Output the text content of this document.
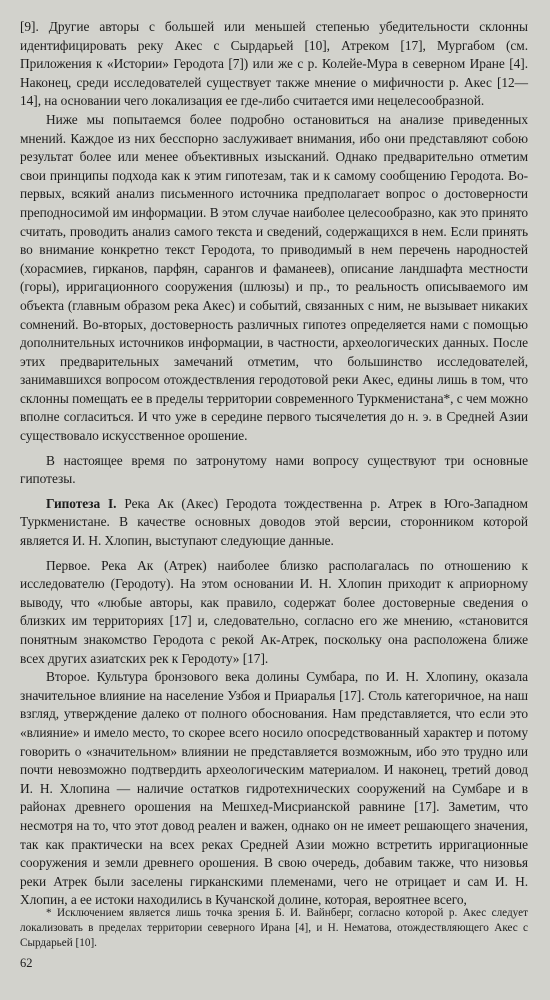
[9]. Другие авторы с большей или меньшей степенью убедительности склонны идентифицировать реку Акес с Сырдарьей [10], Атреком [17], Мургабом (см. Приложения к «Истории» Геродота [7]) или же с р. Колейе-Мура в северном Иране [4]. Наконец, среди исследователей существует также мнение о мифичности р. Акес [12—14], на основании чего локализация ее где-либо считается ими нецелесообразной.

Ниже мы попытаемся более подробно остановиться на анализе приведенных мнений. Каждое из них бесспорно заслуживает внимания, ибо они представляют собою результат более или менее объективных изысканий. Однако предварительно отметим свои принципы подхода как к этим гипотезам, так и к самому сообщению Геродота. Во-первых, всякий анализ письменного источника предполагает вопрос о достоверности преподносимой им информации. В этом случае наиболее целесообразно, как это принято считать, проводить анализ самого текста и сведений, содержащихся в нем. Если принять во внимание конкретно текст Геродота, то приводимый в нем перечень народностей (хорасмиев, гирканов, парфян, сарангов и фаманеев), описание ландшафта местности (горы), ирригационного сооружения (шлюзы) и пр., то реальность описываемого им объекта (главным образом река Акес) и событий, связанных с ним, не вызывает никаких сомнений. Во-вторых, достоверность различных гипотез определяется нами с помощью дополнительных источников информации, в частности, археологических данных. После этих предварительных замечаний отметим, что большинство исследователей, занимавшихся вопросом отождествления геродотовой реки Акес, едины лишь в том, что склонны помещать ее в пределы территории современного Туркменистана*, с чем можно вполне согласиться. И что уже в середине первого тысячелетия до н. э. в Средней Азии существовало искусственное орошение.

В настоящее время по затронутому нами вопросу существуют три основные гипотезы.

Гипотеза I. Река Ак (Акес) Геродота тождественна р. Атрек в Юго-Западном Туркменистане. В качестве основных доводов этой версии, сторонником которой является И. Н. Хлопин, выступают следующие данные.

Первое. Река Ак (Атрек) наиболее близко располагалась по отношению к исследователю (Геродоту). На этом основании И. Н. Хлопин приходит к априорному выводу, что «любые авторы, как правило, содержат более достоверные сведения о близких им территориях [17] и, следовательно, согласно его же мнению, «становится понятным знакомство Геродота с рекой Ак-Атрек, поскольку она расположена ближе всех других азиатских рек к Геродоту» [17].

Второе. Культура бронзового века долины Сумбара, по И. Н. Хлопину, оказала значительное влияние на население Узбоя и Приаралья [17]. Столь категоричное, на наш взгляд, утверждение далеко от полного обоснования. Нам представляется, что если это «влияние» и имело место, то скорее всего носило опосредствованный характер и потому говорить о «значительном» влиянии не представляется возможным, ибо это трудно или почти невозможно подтвердить археологическим материалом. И наконец, третий довод И. Н. Хлопина — наличие остатков гидротехнических сооружений на Сумбаре и в районах древнего орошения на Мешхед-Мисрианской равнине [17]. Заметим, что несмотря на то, что этот довод реален и важен, однако он не имеет решающего значения, так как практически на всех реках Средней Азии можно встретить ирригационные сооружения и земли древнего орошения. В свою очередь, добавим также, что низовья реки Атрек были заселены гирканскими племенами, чего не отрицает и сам И. Н. Хлопин, а ее истоки находились в Кучанской долине, которая, вероятнее всего,

* Исключением является лишь точка зрения Б. И. Вайнберг, согласно которой р. Акес следует локализовать в пределах территории северного Ирана [4], и Н. Нематова, отождествляющего Акес с Сырдарьей [10].

62
